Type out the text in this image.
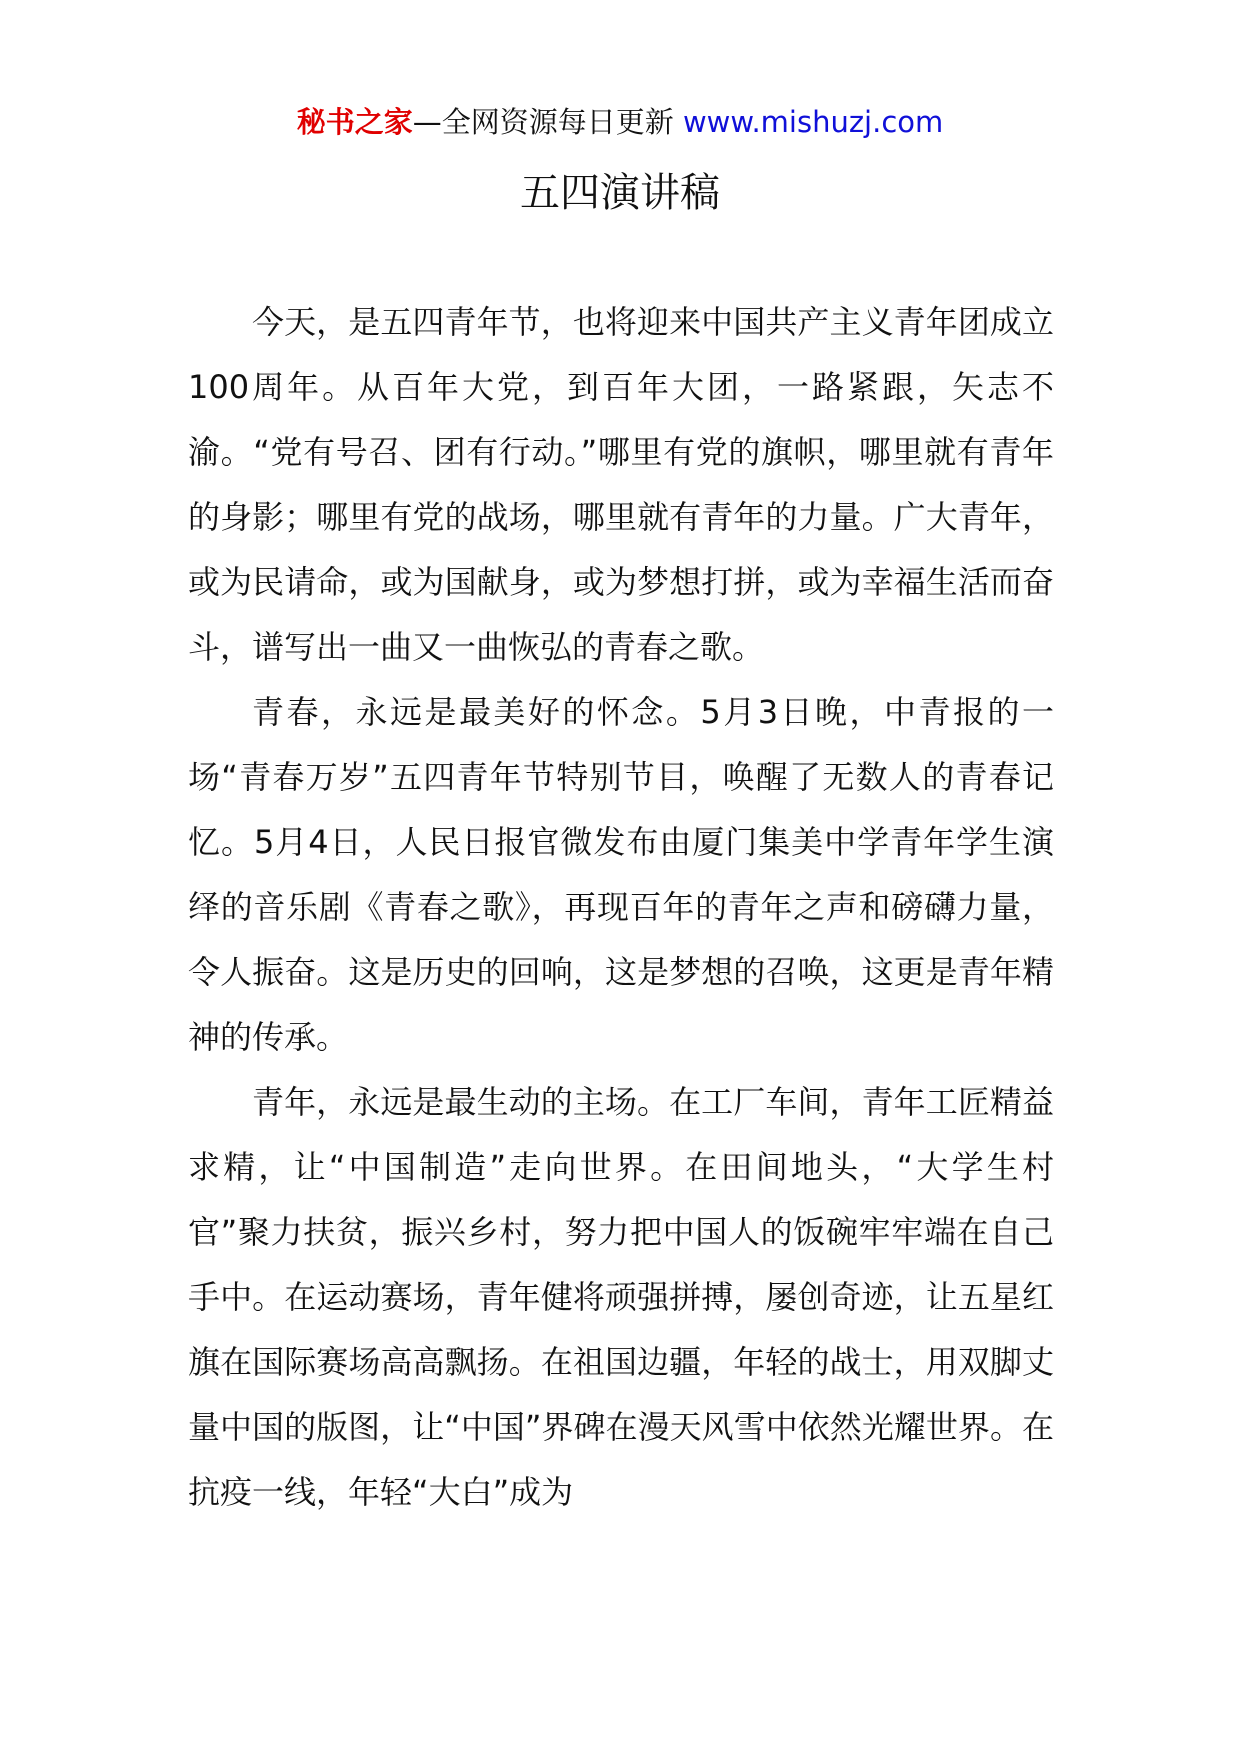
秘书之家—全网资源每日更新 www.mishuzj.com
五四演讲稿

今天，是五四青年节，也将迎来中国共产主义青年团成立100周年。从百年大党，到百年大团，一路紧跟，矢志不渝。“党有号召、团有行动。”哪里有党的旗帜，哪里就有青年的身影；哪里有党的战场，哪里就有青年的力量。广大青年，或为民请命，或为国献身，或为梦想打拼，或为幸福生活而奋斗，谱写出一曲又一曲恢弘的青春之歌。

青春，永远是最美好的怀念。5月3日晚，中青报的一场“青春万岁”五四青年节特别节目，唤醒了无数人的青春记忆。5月4日，人民日报官微发布由厦门集美中学青年学生演绎的音乐剧《青春之歌》，再现百年的青年之声和磅礴力量，令人振奋。这是历史的回响，这是梦想的召唤，这更是青年精神的传承。

青年，永远是最生动的主场。在工厂车间，青年工匠精益求精，让“中国制造”走向世界。在田间地头，“大学生村官”聚力扶贫，振兴乡村，努力把中国人的饭碗牢牢端在自己手中。在运动赛场，青年健将顽强拼搏，屡创奇迹，让五星红旗在国际赛场高高飘扬。在祖国边疆，年轻的战士，用双脚丈量中国的版图，让“中国”界碑在漫天风雪中依然光耀世界。在抗疫一线，年轻“大白”成为
